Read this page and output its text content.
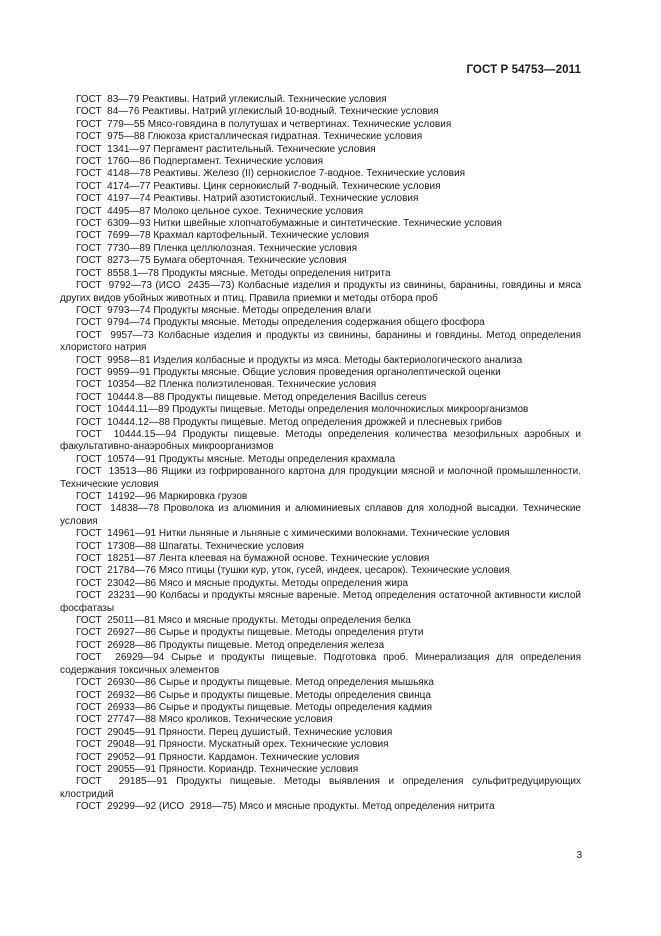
ГОСТ Р 54753—2011
ГОСТ  83—79 Реактивы. Натрий углекислый. Технические условия
ГОСТ  84—76 Реактивы. Натрий углекислый 10-водный. Технические условия
ГОСТ  779—55 Мясо-говядина в полутушах и четвертинах. Технические условия
ГОСТ  975—88 Глюкоза кристаллическая гидратная. Технические условия
ГОСТ  1341—97 Пергамент растительный. Технические условия
ГОСТ  1760—86 Подпергамент. Технические условия
ГОСТ  4148—78 Реактивы. Железо (II) сернокислое 7-водное. Технические условия
ГОСТ  4174—77 Реактивы. Цинк сернокислый 7-водный. Технические условия
ГОСТ  4197—74 Реактивы. Натрий азотистокислый. Технические условия
ГОСТ  4495—87 Молоко цельное сухое. Технические условия
ГОСТ  6309—93 Нитки швейные хлопчатобумажные и синтетические. Технические условия
ГОСТ  7699—78 Крахмал картофельный. Технические условия
ГОСТ  7730—89 Пленка целлюлозная. Технические условия
ГОСТ  8273—75 Бумага оберточная. Технические условия
ГОСТ  8558.1—78 Продукты мясные. Методы определения нитрита
ГОСТ  9792—73 (ИСО  2435—73) Колбасные изделия и продукты из свинины, баранины, говядины и мяса других видов убойных животных и птиц. Правила приемки и методы отбора проб
ГОСТ  9793—74 Продукты мясные. Методы определения влаги
ГОСТ  9794—74 Продукты мясные. Методы определения содержания общего фосфора
ГОСТ  9957—73 Колбасные изделия и продукты из свинины, баранины и говядины. Метод определения хлористого натрия
ГОСТ  9958—81 Изделия колбасные и продукты из мяса. Методы бактериологического анализа
ГОСТ  9959—91 Продукты мясные. Общие условия проведения органолептической оценки
ГОСТ  10354—82 Пленка полиэтиленовая. Технические условия
ГОСТ  10444.8—88 Продукты пищевые. Метод определения Bacillus cereus
ГОСТ  10444.11—89 Продукты пищевые. Методы определения молочнокислых микроорганизмов
ГОСТ  10444.12—88 Продукты пищевые. Метод определения дрожжей и плесневых грибов
ГОСТ  10444.15—94 Продукты пищевые. Методы определения количества мезофильных аэробных и факультативно-анаэробных микроорганизмов
ГОСТ  10574—91 Продукты мясные. Методы определения крахмала
ГОСТ  13513—86 Ящики из гофрированного картона для продукции мясной и молочной промышленности. Технические условия
ГОСТ  14192—96 Маркировка грузов
ГОСТ  14838—78 Проволока из алюминия и алюминиевых сплавов для холодной высадки. Технические условия
ГОСТ  14961—91 Нитки льняные и льняные с химическими волокнами. Технические условия
ГОСТ  17308—88 Шпагаты. Технические условия
ГОСТ  18251—87 Лента клеевая на бумажной основе. Технические условия
ГОСТ  21784—76 Мясо птицы (тушки кур, уток, гусей, индеек, цесарок). Технические условия
ГОСТ  23042—86 Мясо и мясные продукты. Методы определения жира
ГОСТ  23231—90 Колбасы и продукты мясные вареные. Метод определения остаточной активности кислой фосфатазы
ГОСТ  25011—81 Мясо и мясные продукты. Методы определения белка
ГОСТ  26927—86 Сырье и продукты пищевые. Методы определения ртути
ГОСТ  26928—86 Продукты пищевые. Метод определения железа
ГОСТ  26929—94 Сырье и продукты пищевые. Подготовка проб. Минерализация для определения содержания токсичных элементов
ГОСТ  26930—86 Сырье и продукты пищевые. Метод определения мышьяка
ГОСТ  26932—86 Сырье и продукты пищевые. Методы определения свинца
ГОСТ  26933—86 Сырье и продукты пищевые. Методы определения кадмия
ГОСТ  27747—88 Мясо кроликов. Технические условия
ГОСТ  29045—91 Пряности. Перец душистый. Технические условия
ГОСТ  29048—91 Пряности. Мускатный орех. Технические условия
ГОСТ  29052—91 Пряности. Кардамон. Технические условия
ГОСТ  29055—91 Пряности. Кориандр. Технические условия
ГОСТ  29185—91 Продукты пищевые. Методы выявления и определения сульфитредуцирующих клостридий
ГОСТ  29299—92 (ИСО  2918—75) Мясо и мясные продукты. Метод определения нитрита
3
